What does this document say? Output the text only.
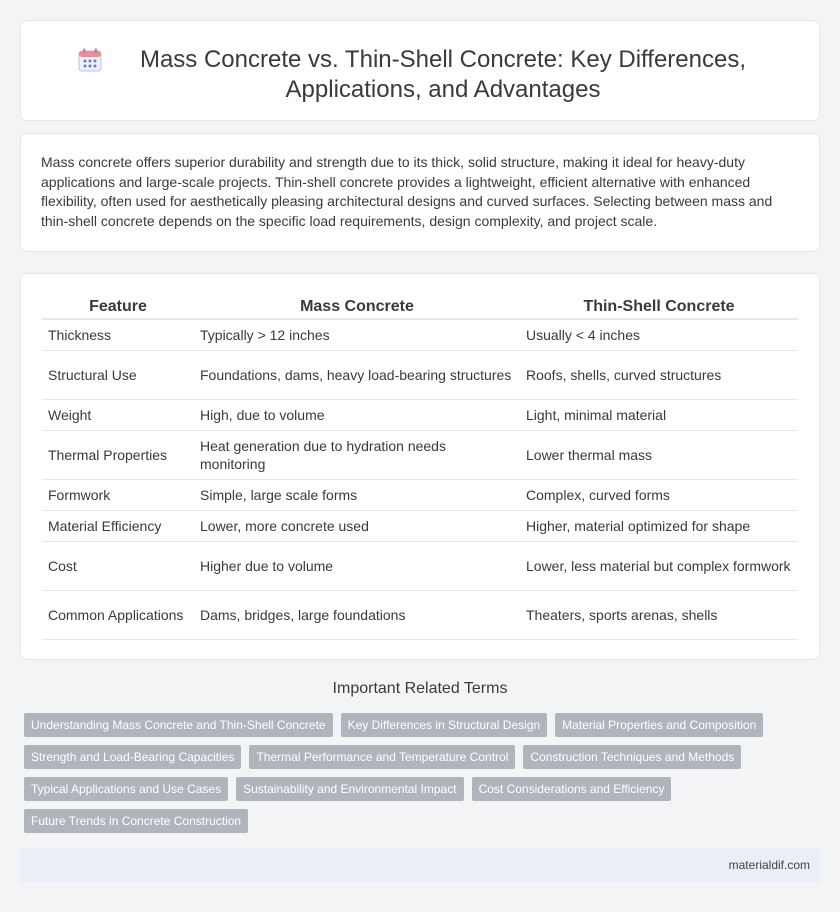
Mass Concrete vs. Thin-Shell Concrete: Key Differences, Applications, and Advantages

Mass concrete offers superior durability and strength due to its thick, solid structure, making it ideal for heavy-duty applications and large-scale projects. Thin-shell concrete provides a lightweight, efficient alternative with enhanced flexibility, often used for aesthetically pleasing architectural designs and curved surfaces. Selecting between mass and thin-shell concrete depends on the specific load requirements, design complexity, and project scale.

Feature	Mass Concrete	Thin-Shell Concrete
Thickness	Typically > 12 inches	Usually < 4 inches
Structural Use	Foundations, dams, heavy load-bearing structures	Roofs, shells, curved structures
Weight	High, due to volume	Light, minimal material
Thermal Properties	Heat generation due to hydration needs monitoring	Lower thermal mass
Formwork	Simple, large scale forms	Complex, curved forms
Material Efficiency	Lower, more concrete used	Higher, material optimized for shape
Cost	Higher due to volume	Lower, less material but complex formwork
Common Applications	Dams, bridges, large foundations	Theaters, sports arenas, shells
Important Related Terms
Understanding Mass Concrete and Thin-Shell Concrete	Key Differences in Structural Design	Material Properties and Composition
Strength and Load-Bearing Capacities	Thermal Performance and Temperature Control	Construction Techniques and Methods
Typical Applications and Use Cases	Sustainability and Environmental Impact	Cost Considerations and Efficiency
Future Trends in Concrete Construction
materialdif.com
